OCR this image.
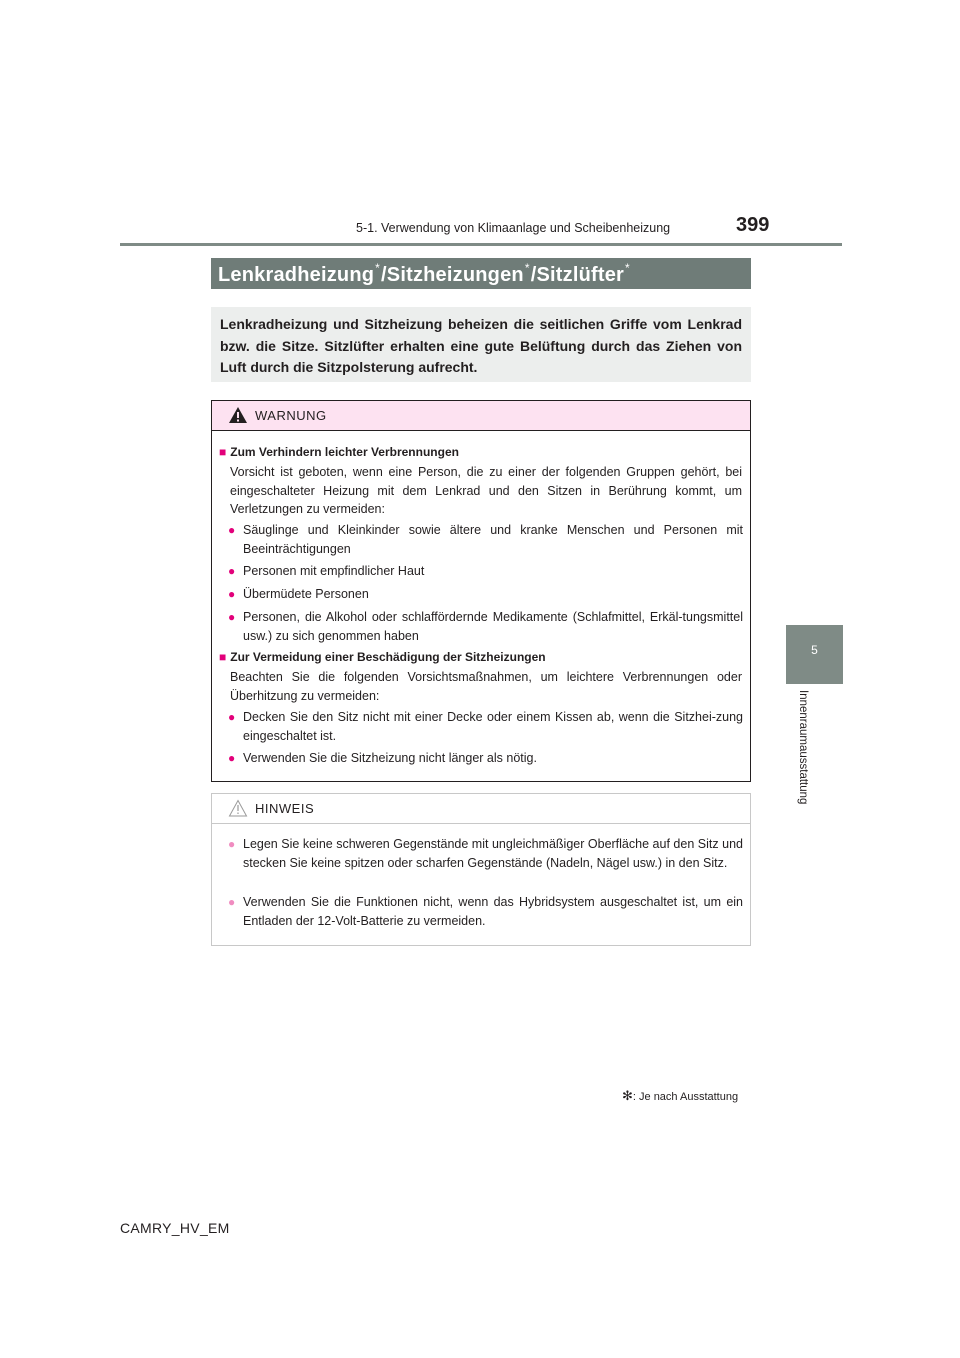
5-1. Verwendung von Klimaanlage und Scheibenheizung	399
5
Innenraumausstattung
Lenkradheizung*/Sitzheizungen*/Sitzlüfter*
Lenkradheizung und Sitzheizung beheizen die seitlichen Griffe vom Lenkrad bzw. die Sitze. Sitzlüfter erhalten eine gute Belüftung durch das Ziehen von Luft durch die Sitzpolsterung aufrecht.
WARNUNG
■ Zum Verhindern leichter Verbrennungen
Vorsicht ist geboten, wenn eine Person, die zu einer der folgenden Gruppen gehört, bei eingeschalteter Heizung mit dem Lenkrad und den Sitzen in Berührung kommt, um Verletzungen zu vermeiden:
● Säuglinge und Kleinkinder sowie ältere und kranke Menschen und Personen mit Beeinträchtigungen
● Personen mit empfindlicher Haut
● Übermüdete Personen
● Personen, die Alkohol oder schlaffördernde Medikamente (Schlafmittel, Erkäl-tungsmittel usw.) zu sich genommen haben
■ Zur Vermeidung einer Beschädigung der Sitzheizungen
Beachten Sie die folgenden Vorsichtsmaßnahmen, um leichtere Verbrennungen oder Überhitzung zu vermeiden:
● Decken Sie den Sitz nicht mit einer Decke oder einem Kissen ab, wenn die Sitzhei-zung eingeschaltet ist.
● Verwenden Sie die Sitzheizung nicht länger als nötig.
HINWEIS
● Legen Sie keine schweren Gegenstände mit ungleichmäßiger Oberfläche auf den Sitz und stecken Sie keine spitzen oder scharfen Gegenstände (Nadeln, Nägel usw.) in den Sitz.
● Verwenden Sie die Funktionen nicht, wenn das Hybridsystem ausgeschaltet ist, um ein Entladen der 12-Volt-Batterie zu vermeiden.
✻: Je nach Ausstattung
CAMRY_HV_EM
